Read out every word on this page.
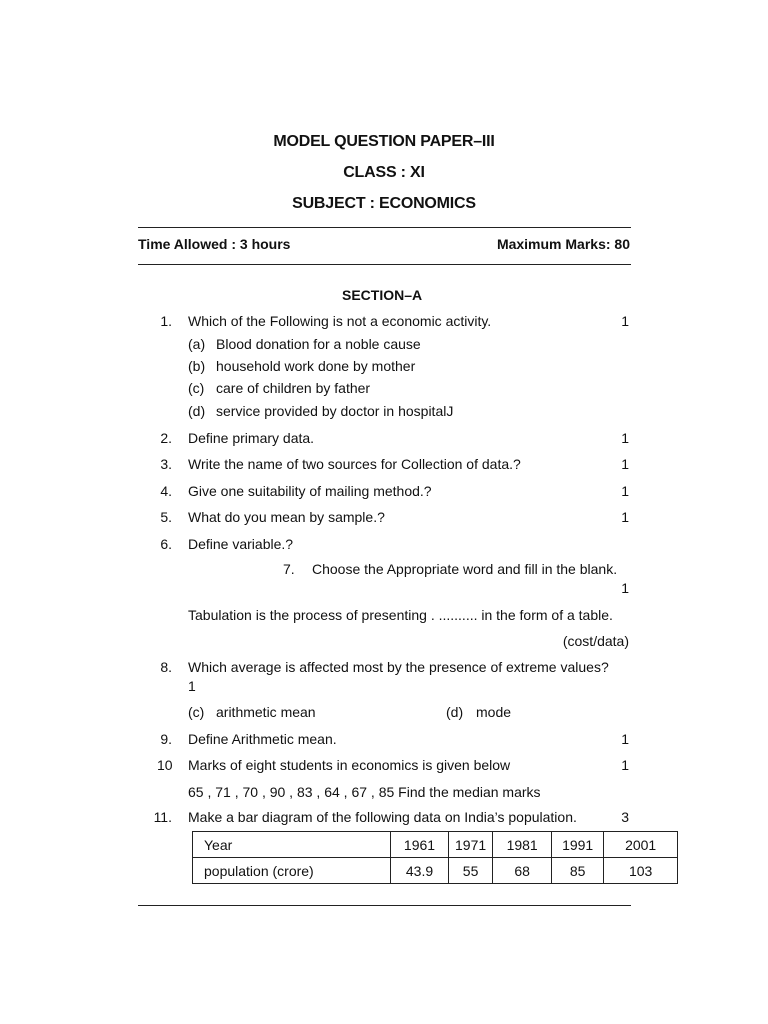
MODEL QUESTION PAPER–III
CLASS : XI
SUBJECT : ECONOMICS
Time Allowed : 3 hours	Maximum Marks: 80
SECTION–A
1. Which of the Following is not a economic activity.	1
(a) Blood donation for a noble cause
(b) household work done by mother
(c) care of children by father
(d) service provided by doctor in hospitalJ
2. Define primary data.	1
3. Write the name of two sources for Collection of data.?	1
4. Give one suitability of mailing method.?	1
5. What do you mean by sample.?	1
6. Define variable.?
7. Choose the Appropriate word and fill in the blank.
1
Tabulation is the process of presenting . .......... in the form of a table.
(cost/data)
8. Which average is affected most by the presence of extreme values?
1
(c) arithmetic mean	(d) mode
9. Define Arithmetic mean.	1
10 Marks of eight students in economics is given below	1
65 , 71 , 70 , 90 , 83 , 64 , 67 , 85 Find the median marks
11. Make a bar diagram of the following data on India’s population.	3
Year	1961	1971	1981	1991	2001
population (crore)	43.9	55	68	85	103
